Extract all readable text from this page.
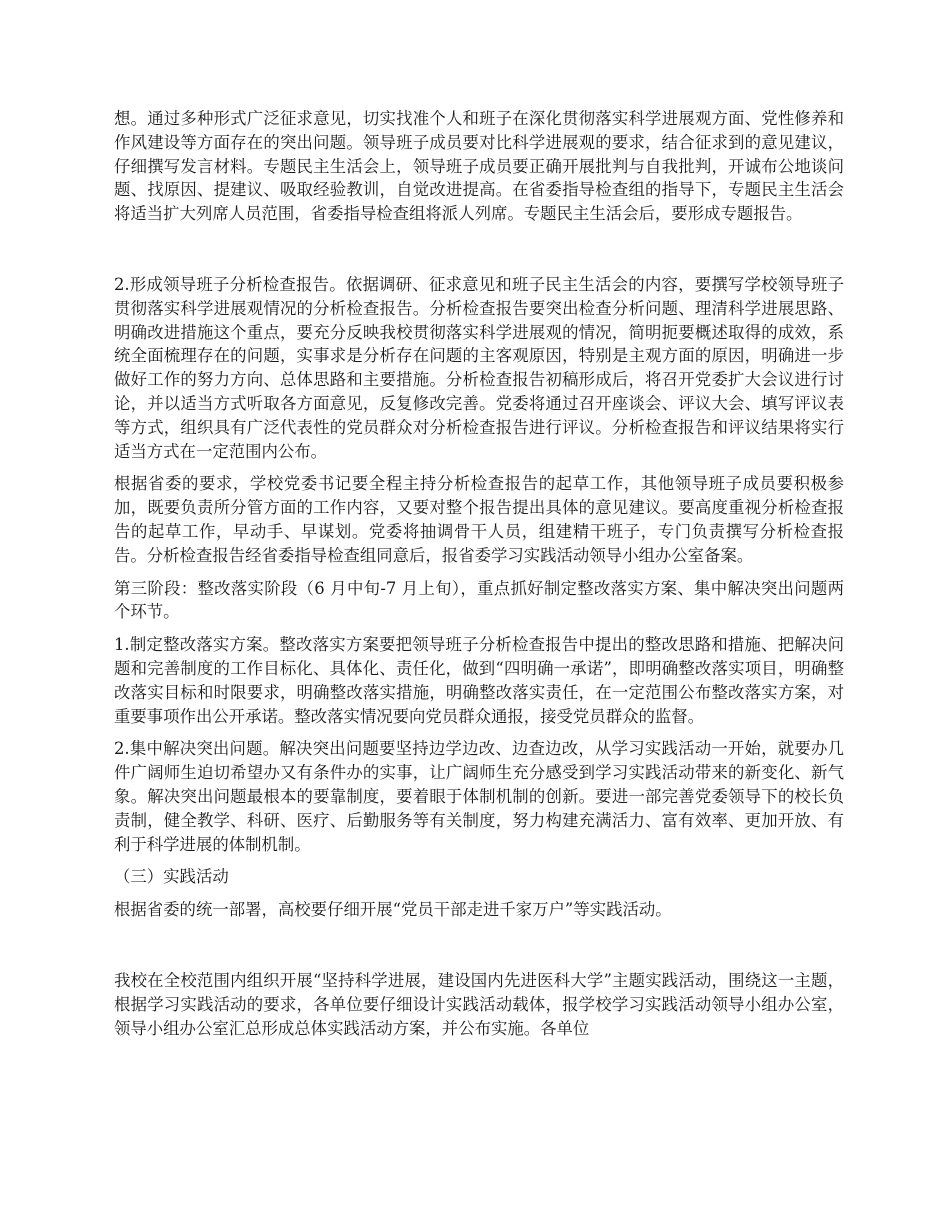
想。通过多种形式广泛征求意见，切实找准个人和班子在深化贯彻落实科学进展观方面、党性修养和作风建设等方面存在的突出问题。领导班子成员要对比科学进展观的要求，结合征求到的意见建议，仔细撰写发言材料。专题民主生活会上，领导班子成员要正确开展批判与自我批判，开诚布公地谈问题、找原因、提建议、吸取经验教训，自觉改进提高。在省委指导检查组的指导下，专题民主生活会将适当扩大列席人员范围，省委指导检查组将派人列席。专题民主生活会后，要形成专题报告。

2.形成领导班子分析检查报告。依据调研、征求意见和班子民主生活会的内容，要撰写学校领导班子贯彻落实科学进展观情况的分析检查报告。分析检查报告要突出检查分析问题、理清科学进展思路、明确改进措施这个重点，要充分反映我校贯彻落实科学进展观的情况，简明扼要概述取得的成效，系统全面梳理存在的问题，实事求是分析存在问题的主客观原因，特别是主观方面的原因，明确进一步做好工作的努力方向、总体思路和主要措施。分析检查报告初稿形成后，将召开党委扩大会议进行讨论，并以适当方式听取各方面意见，反复修改完善。党委将通过召开座谈会、评议大会、填写评议表等方式，组织具有广泛代表性的党员群众对分析检查报告进行评议。分析检查报告和评议结果将实行适当方式在一定范围内公布。

根据省委的要求，学校党委书记要全程主持分析检查报告的起草工作，其他领导班子成员要积极参加，既要负责所分管方面的工作内容，又要对整个报告提出具体的意见建议。要高度重视分析检查报告的起草工作，早动手、早谋划。党委将抽调骨干人员，组建精干班子，专门负责撰写分析检查报告。分析检查报告经省委指导检查组同意后，报省委学习实践活动领导小组办公室备案。

第三阶段：整改落实阶段（6 月中旬-7 月上旬），重点抓好制定整改落实方案、集中解决突出问题两个环节。

1.制定整改落实方案。整改落实方案要把领导班子分析检查报告中提出的整改思路和措施、把解决问题和完善制度的工作目标化、具体化、责任化，做到“四明确一承诺”，即明确整改落实项目，明确整改落实目标和时限要求，明确整改落实措施，明确整改落实责任，在一定范围公布整改落实方案，对重要事项作出公开承诺。整改落实情况要向党员群众通报，接受党员群众的监督。

2.集中解决突出问题。解决突出问题要坚持边学边改、边查边改，从学习实践活动一开始，就要办几件广阔师生迫切希望办又有条件办的实事，让广阔师生充分感受到学习实践活动带来的新变化、新气象。解决突出问题最根本的要靠制度，要着眼于体制机制的创新。要进一部完善党委领导下的校长负责制，健全教学、科研、医疗、后勤服务等有关制度，努力构建充满活力、富有效率、更加开放、有利于科学进展的体制机制。

（三）实践活动

根据省委的统一部署，高校要仔细开展“党员干部走进千家万户”等实践活动。

我校在全校范围内组织开展“坚持科学进展，建设国内先进医科大学”主题实践活动，围绕这一主题，根据学习实践活动的要求，各单位要仔细设计实践活动载体，报学校学习实践活动领导小组办公室，领导小组办公室汇总形成总体实践活动方案，并公布实施。各单位
